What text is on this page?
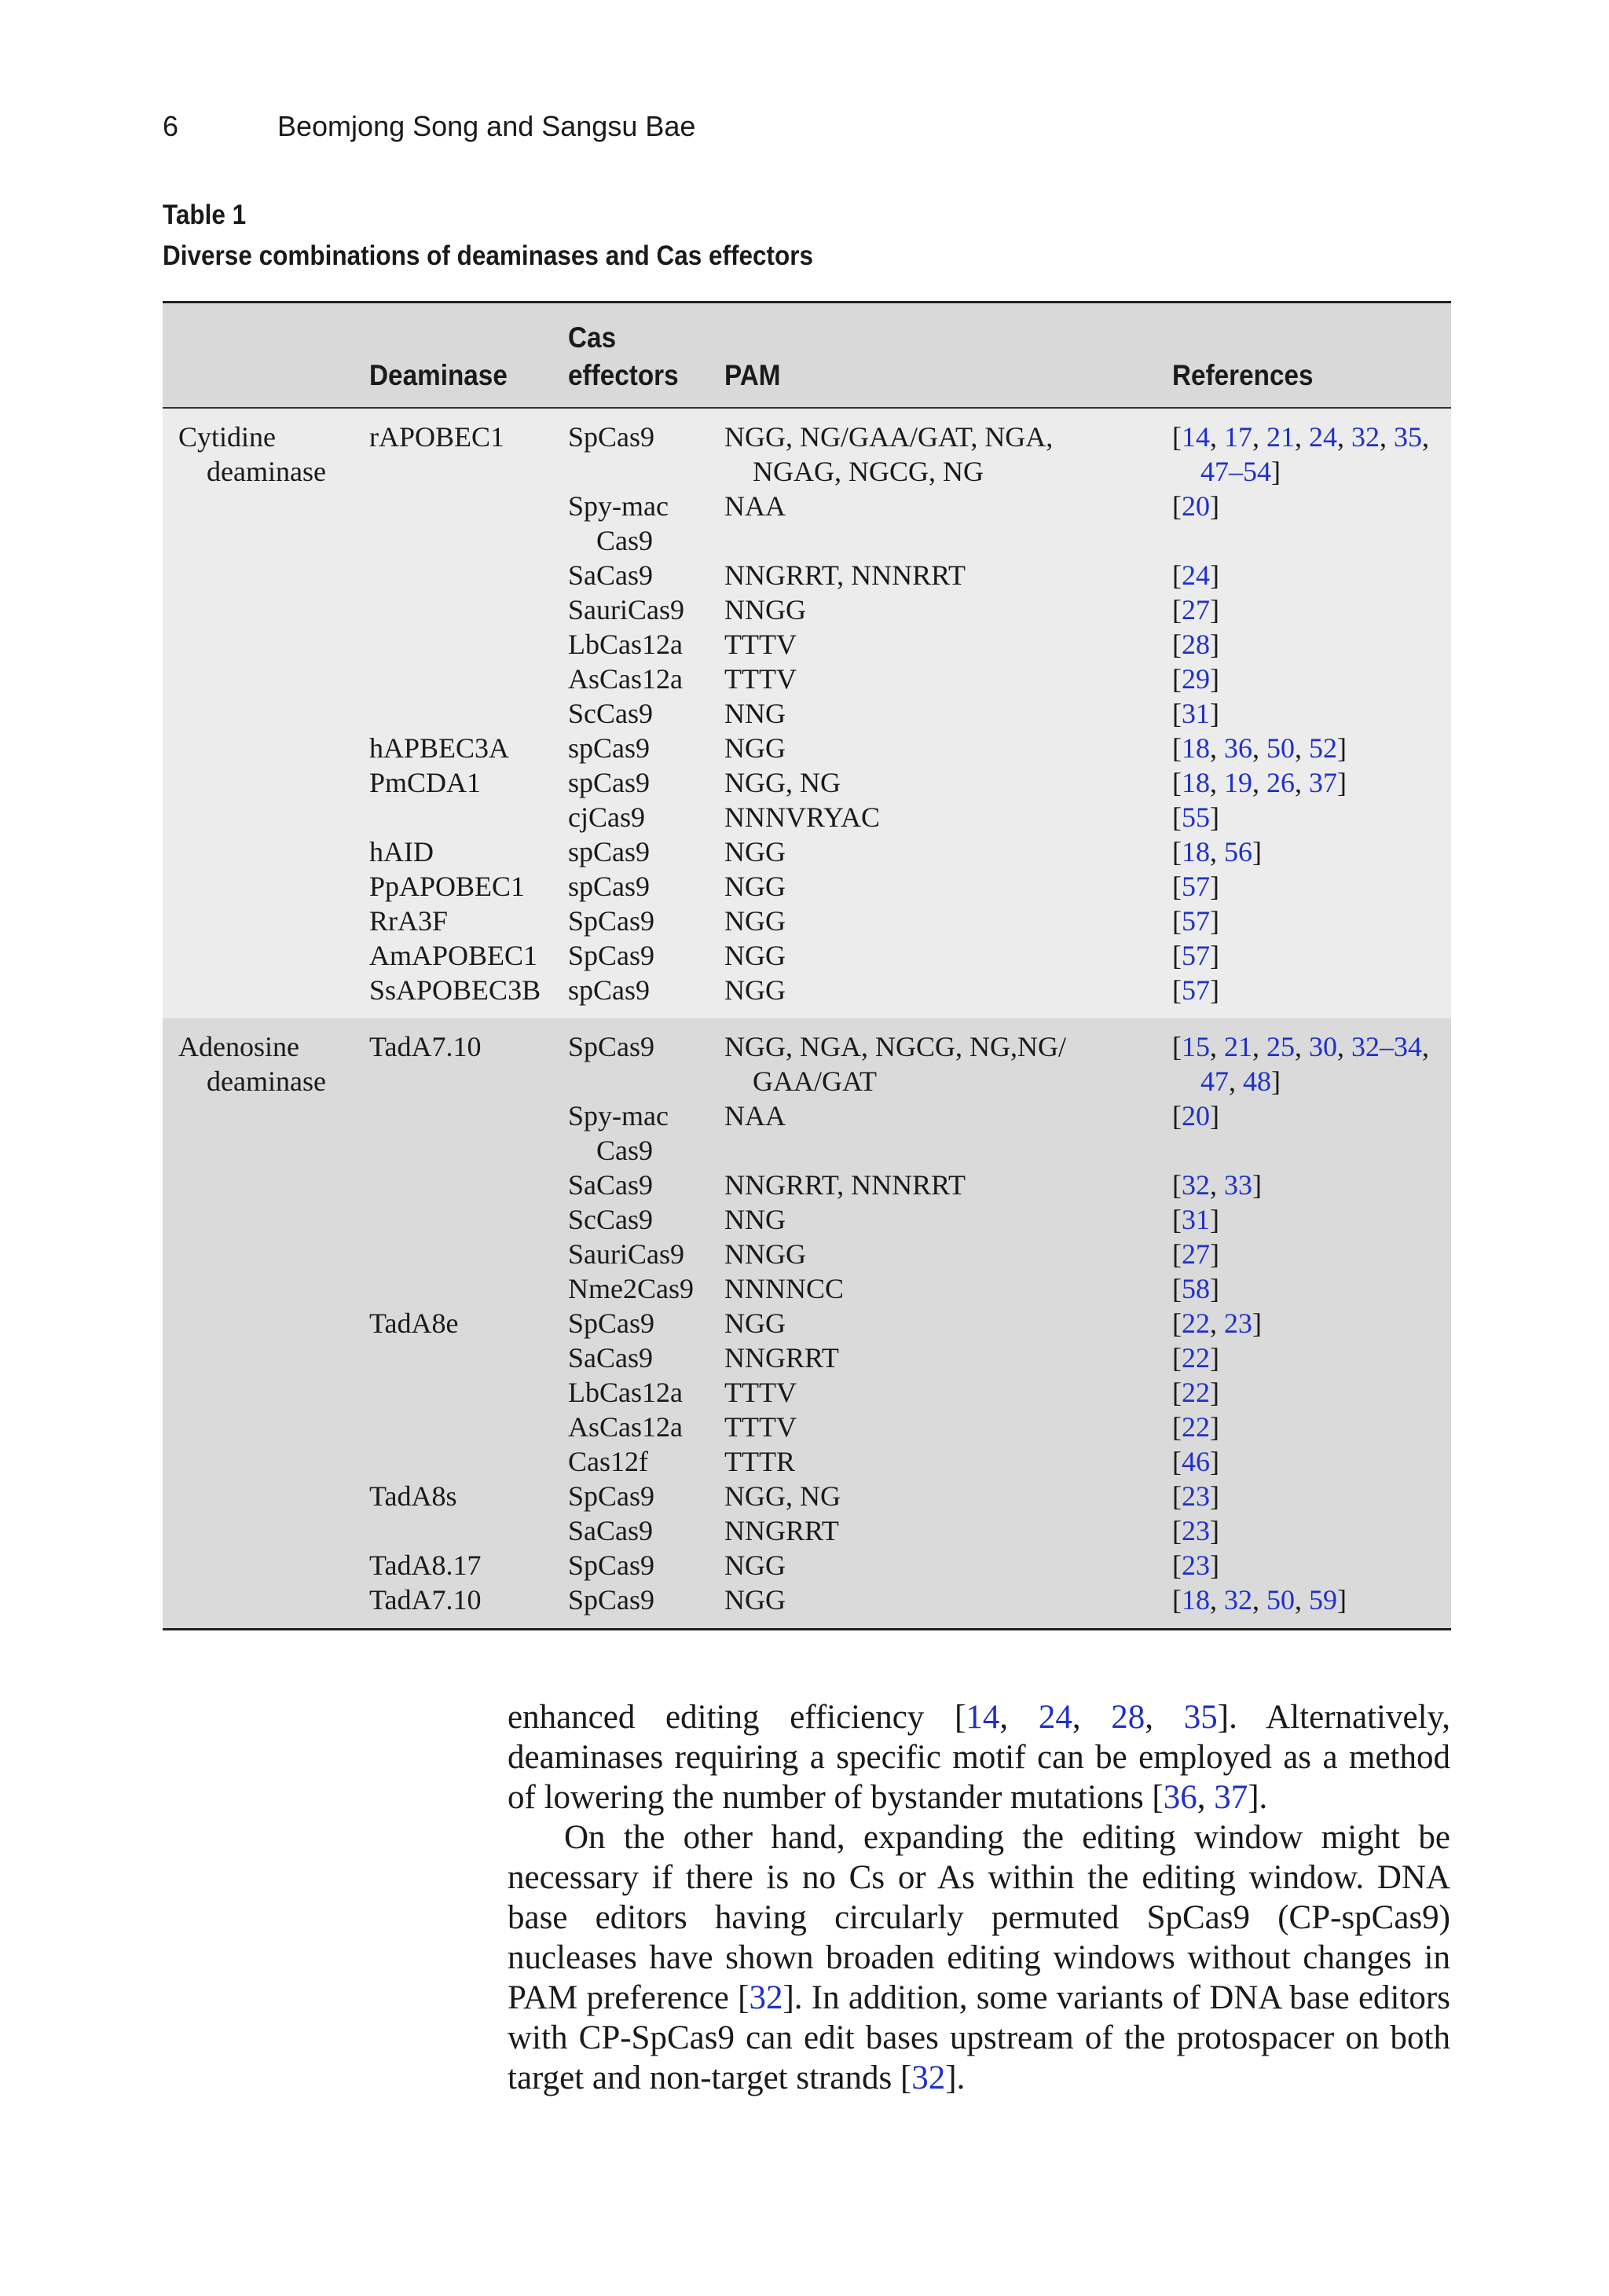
6	Beomjong Song and Sangsu Bae
Table 1
Diverse combinations of deaminases and Cas effectors
	Deaminase	Cas effectors	PAM	References

Cytidine
deaminase	rAPOBEC1	SpCas9	NGG, NG/GAA/GAT, NGA, NGAG, NGCG, NG	[14, 17, 21, 24, 32, 35, 47–54]
		Spy-mac Cas9	NAA	[20]
		SaCas9	NNGRRT, NNNRRT	[24]
		SauriCas9	NNGG	[27]
		LbCas12a	TTTV	[28]
		AsCas12a	TTTV	[29]
		ScCas9	NNG	[31]
	hAPBEC3A	spCas9	NGG	[18, 36, 50, 52]
	PmCDA1	spCas9	NGG, NG	[18, 19, 26, 37]
		cjCas9	NNNVRYAC	[55]
	hAID	spCas9	NGG	[18, 56]
	PpAPOBEC1	spCas9	NGG	[57]
	RrA3F	SpCas9	NGG	[57]
	AmAPOBEC1	SpCas9	NGG	[57]
	SsAPOBEC3B	spCas9	NGG	[57]

Adenosine
deaminase	TadA7.10	SpCas9	NGG, NGA, NGCG, NG,NG/ GAA/GAT	[15, 21, 25, 30, 32–34, 47, 48]
		Spy-mac Cas9	NAA	[20]
		SaCas9	NNGRRT, NNNRRT	[32, 33]
		ScCas9	NNG	[31]
		SauriCas9	NNGG	[27]
		Nme2Cas9	NNNNCC	[58]
	TadA8e	SpCas9	NGG	[22, 23]
		SaCas9	NNGRRT	[22]
		LbCas12a	TTTV	[22]
		AsCas12a	TTTV	[22]
		Cas12f	TTTR	[46]
	TadA8s	SpCas9	NGG, NG	[23]
		SaCas9	NNGRRT	[23]
	TadA8.17	SpCas9	NGG	[23]
	TadA7.10	SpCas9	NGG	[18, 32, 50, 59]

enhanced editing efficiency [14, 24, 28, 35]. Alternatively, deaminases requiring a specific motif can be employed as a method of lowering the number of bystander mutations [36, 37].

On the other hand, expanding the editing window might be necessary if there is no Cs or As within the editing window. DNA base editors having circularly permuted SpCas9 (CP-spCas9) nucleases have shown broaden editing windows without changes in PAM preference [32]. In addition, some variants of DNA base editors with CP-SpCas9 can edit bases upstream of the protospacer on both target and non-target strands [32].
